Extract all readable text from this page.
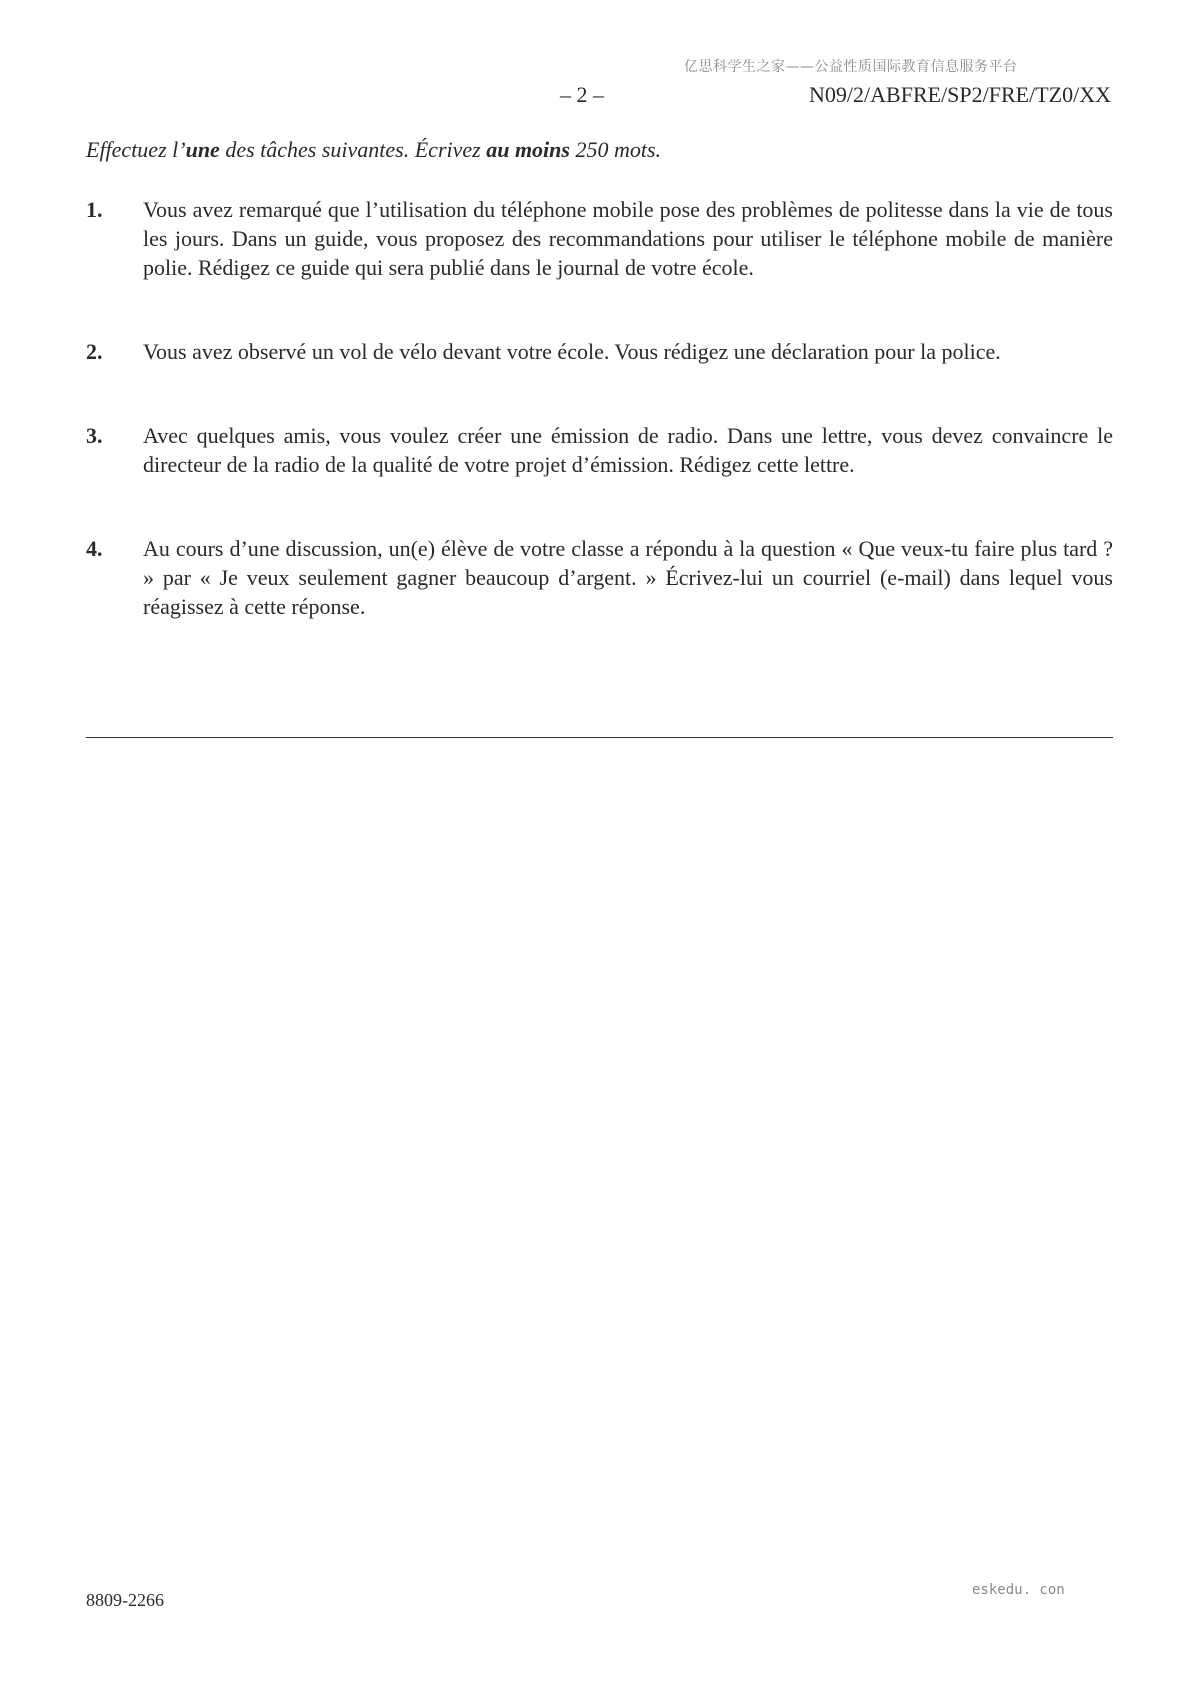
亿思科学生之家——公益性质国际教育信息服务平台
– 2 –	N09/2/ABFRE/SP2/FRE/TZ0/XX
Effectuez l’une des tâches suivantes. Écrivez au moins 250 mots.
1. Vous avez remarqué que l’utilisation du téléphone mobile pose des problèmes de politesse dans la vie de tous les jours. Dans un guide, vous proposez des recommandations pour utiliser le téléphone mobile de manière polie. Rédigez ce guide qui sera publié dans le journal de votre école.
2. Vous avez observé un vol de vélo devant votre école. Vous rédigez une déclaration pour la police.
3. Avec quelques amis, vous voulez créer une émission de radio. Dans une lettre, vous devez convaincre le directeur de la radio de la qualité de votre projet d’émission. Rédigez cette lettre.
4. Au cours d’une discussion, un(e) élève de votre classe a répondu à la question « Que veux-tu faire plus tard ? » par « Je veux seulement gagner beaucoup d’argent. » Écrivez-lui un courriel (e-mail) dans lequel vous réagissez à cette réponse.
8809-2266	eskedu. con
